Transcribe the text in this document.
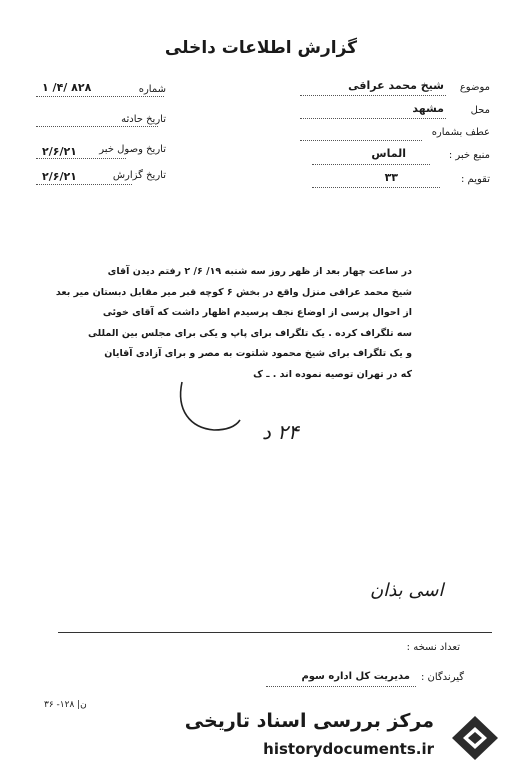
گزارش اطلاعات داخلی
موضوع
شیخ محمد عراقی
محل
مشهد
عطف بشماره
منبع خبر :
الماس
تقویم :
۳۳
شماره
۸۲۸ /۴/ ۱
تاریخ حادثه
تاریخ وصول خبر
۲/۶/۲۱
تاریخ گزارش
۲/۶/۲۱
در ساعت چهار بعد از ظهر روز سه شنبه ۱۹/ ۶/ ۲ رفتم دیدن آقای
شیخ محمد عراقی منزل واقع در بخش ۶ کوچه قبر میر مقابل دبستان میر بعد
از احوال پرسی از اوضاع نجف پرسیدم اظهار داشت که آقای خوئی
سه تلگراف کرده . یک تلگراف برای پاپ و یکی برای مجلس بین المللی
و یک تلگراف برای شیخ محمود شلتوت به مصر و برای آزادی آقایان
که در تهران توصیه نموده اند . ـ ک
۲۴ د
اسی بذان
تعداد نسخه :
گیرندگان :
مدیریت کل اداره سوم
۳۶ -۱۲۸ |ن
مرکز بررسی اسناد تاریخی
historydocuments.ir
